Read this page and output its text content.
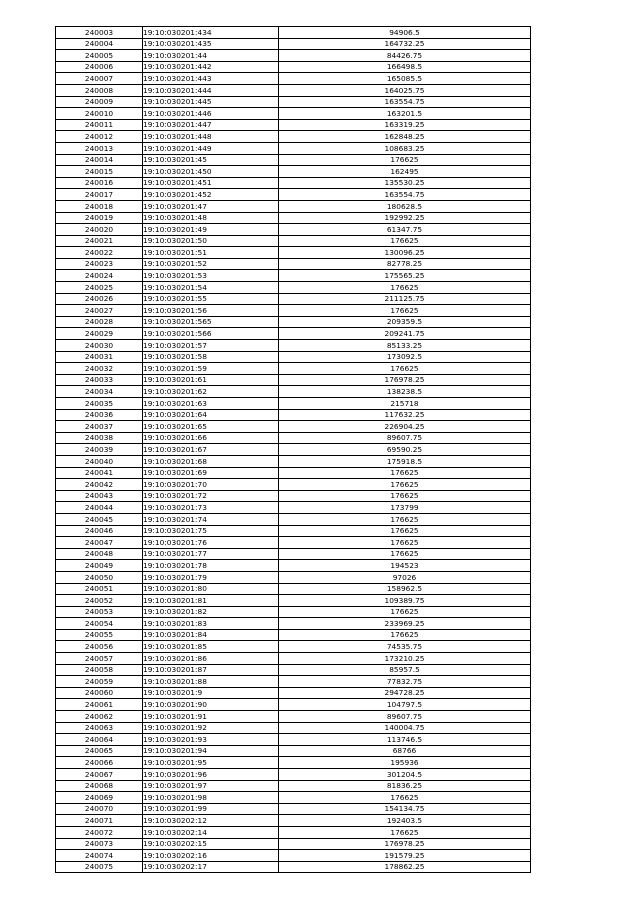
240003	19:10:030201:434	94906.5
240004	19:10:030201:435	164732.25
240005	19:10:030201:44	84426.75
240006	19:10:030201:442	166498.5
240007	19:10:030201:443	165085.5
240008	19:10:030201:444	164025.75
240009	19:10:030201:445	163554.75
240010	19:10:030201:446	163201.5
240011	19:10:030201:447	163319.25
240012	19:10:030201:448	162848.25
240013	19:10:030201:449	108683.25
240014	19:10:030201:45	176625
240015	19:10:030201:450	162495
240016	19:10:030201:451	135530.25
240017	19:10:030201:452	163554.75
240018	19:10:030201:47	180628.5
240019	19:10:030201:48	192992.25
240020	19:10:030201:49	61347.75
240021	19:10:030201:50	176625
240022	19:10:030201:51	130096.25
240023	19:10:030201:52	82778.25
240024	19:10:030201:53	175565.25
240025	19:10:030201:54	176625
240026	19:10:030201:55	211125.75
240027	19:10:030201:56	176625
240028	19:10:030201:565	209359.5
240029	19:10:030201:566	209241.75
240030	19:10:030201:57	85133.25
240031	19:10:030201:58	173092.5
240032	19:10:030201:59	176625
240033	19:10:030201:61	176978.25
240034	19:10:030201:62	138238.5
240035	19:10:030201:63	215718
240036	19:10:030201:64	117632.25
240037	19:10:030201:65	226904.25
240038	19:10:030201:66	89607.75
240039	19:10:030201:67	69590.25
240040	19:10:030201:68	175918.5
240041	19:10:030201:69	176625
240042	19:10:030201:70	176625
240043	19:10:030201:72	176625
240044	19:10:030201:73	173799
240045	19:10:030201:74	176625
240046	19:10:030201:75	176625
240047	19:10:030201:76	176625
240048	19:10:030201:77	176625
240049	19:10:030201:78	194523
240050	19:10:030201:79	97026
240051	19:10:030201:80	158962.5
240052	19:10:030201:81	109389.75
240053	19:10:030201:82	176625
240054	19:10:030201:83	233969.25
240055	19:10:030201:84	176625
240056	19:10:030201:85	74535.75
240057	19:10:030201:86	173210.25
240058	19:10:030201:87	85957.5
240059	19:10:030201:88	77832.75
240060	19:10:030201:9	294728.25
240061	19:10:030201:90	104797.5
240062	19:10:030201:91	89607.75
240063	19:10:030201:92	140004.75
240064	19:10:030201:93	113746.5
240065	19:10:030201:94	68766
240066	19:10:030201:95	195936
240067	19:10:030201:96	301204.5
240068	19:10:030201:97	81836.25
240069	19:10:030201:98	176625
240070	19:10:030201:99	154134.75
240071	19:10:030202:12	192403.5
240072	19:10:030202:14	176625
240073	19:10:030202:15	176978.25
240074	19:10:030202:16	191579.25
240075	19:10:030202:17	178862.25
